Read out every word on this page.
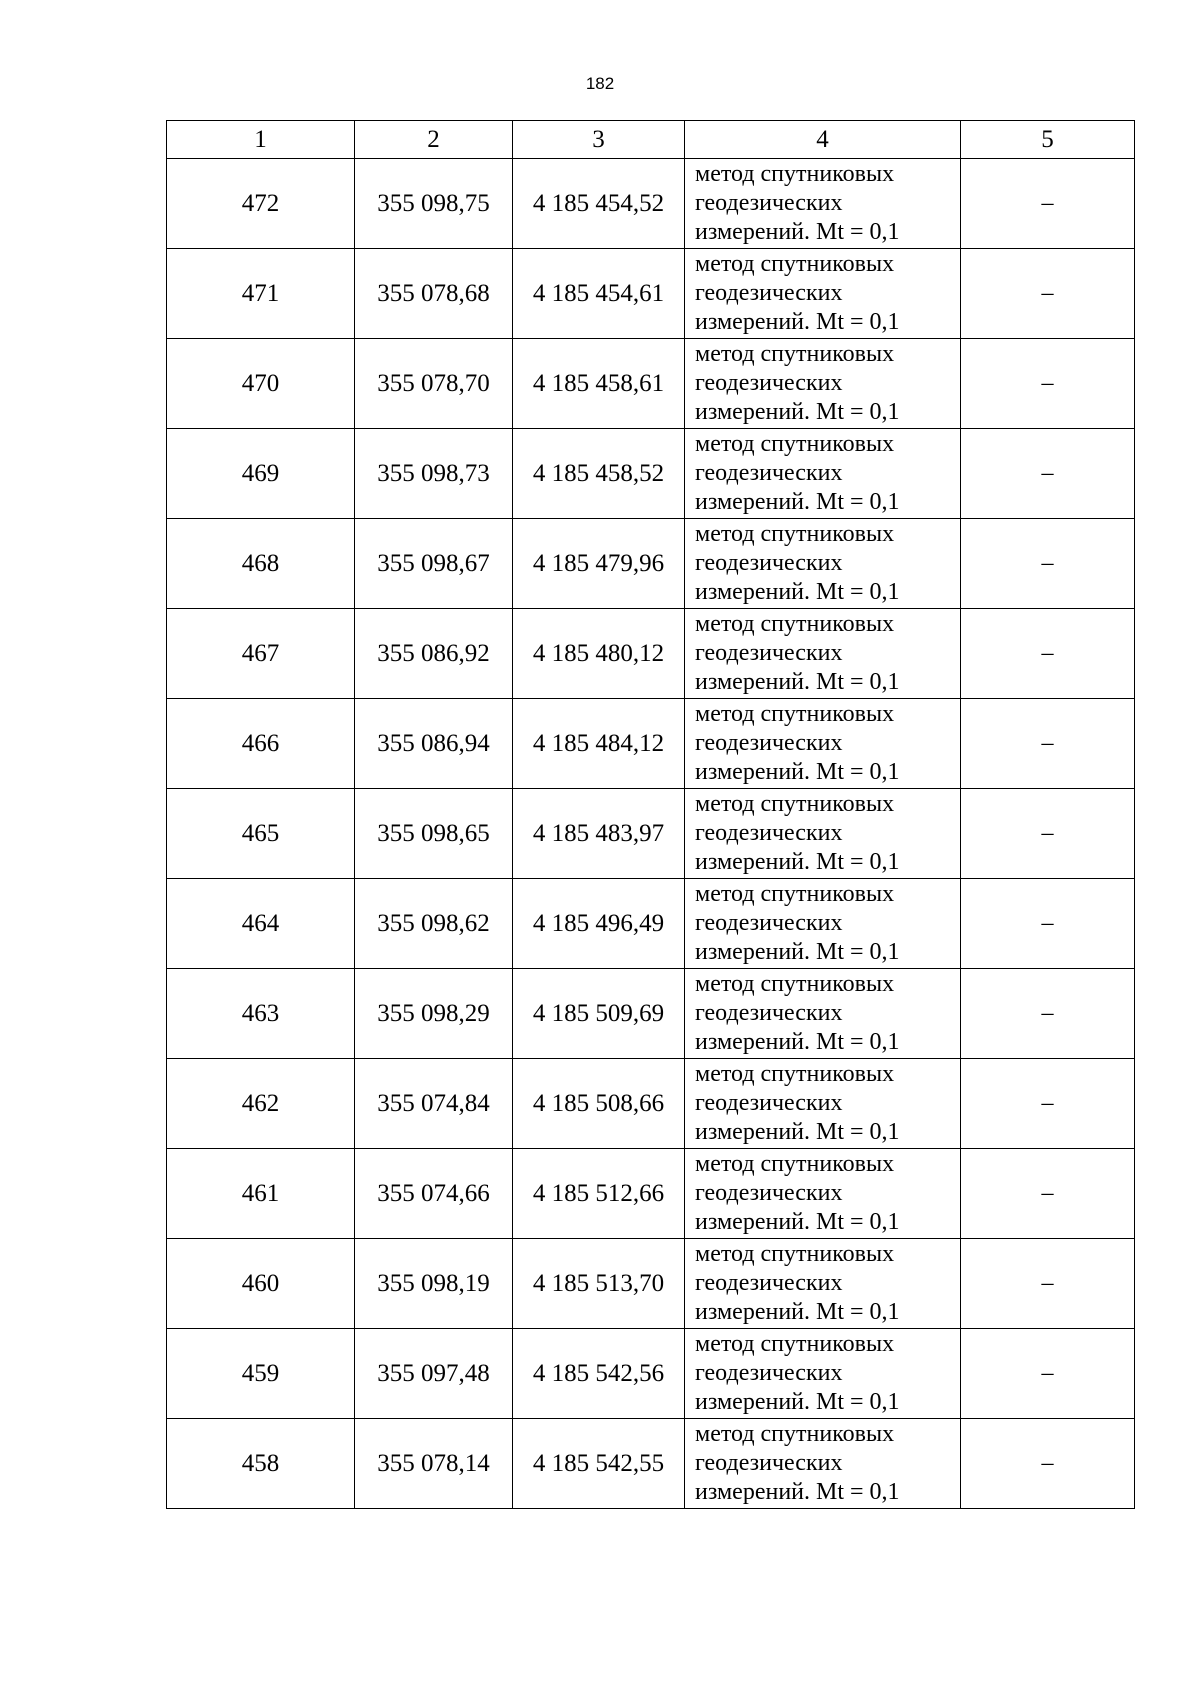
182
1	2	3	4	5
472	355 098,75	4 185 454,52	метод спутниковых
геодезических
измерений. Mt = 0,1	–
471	355 078,68	4 185 454,61	метод спутниковых
геодезических
измерений. Mt = 0,1	–
470	355 078,70	4 185 458,61	метод спутниковых
геодезических
измерений. Mt = 0,1	–
469	355 098,73	4 185 458,52	метод спутниковых
геодезических
измерений. Mt = 0,1	–
468	355 098,67	4 185 479,96	метод спутниковых
геодезических
измерений. Mt = 0,1	–
467	355 086,92	4 185 480,12	метод спутниковых
геодезических
измерений. Mt = 0,1	–
466	355 086,94	4 185 484,12	метод спутниковых
геодезических
измерений. Mt = 0,1	–
465	355 098,65	4 185 483,97	метод спутниковых
геодезических
измерений. Mt = 0,1	–
464	355 098,62	4 185 496,49	метод спутниковых
геодезических
измерений. Mt = 0,1	–
463	355 098,29	4 185 509,69	метод спутниковых
геодезических
измерений. Mt = 0,1	–
462	355 074,84	4 185 508,66	метод спутниковых
геодезических
измерений. Mt = 0,1	–
461	355 074,66	4 185 512,66	метод спутниковых
геодезических
измерений. Mt = 0,1	–
460	355 098,19	4 185 513,70	метод спутниковых
геодезических
измерений. Mt = 0,1	–
459	355 097,48	4 185 542,56	метод спутниковых
геодезических
измерений. Mt = 0,1	–
458	355 078,14	4 185 542,55	метод спутниковых
геодезических
измерений. Mt = 0,1	–
